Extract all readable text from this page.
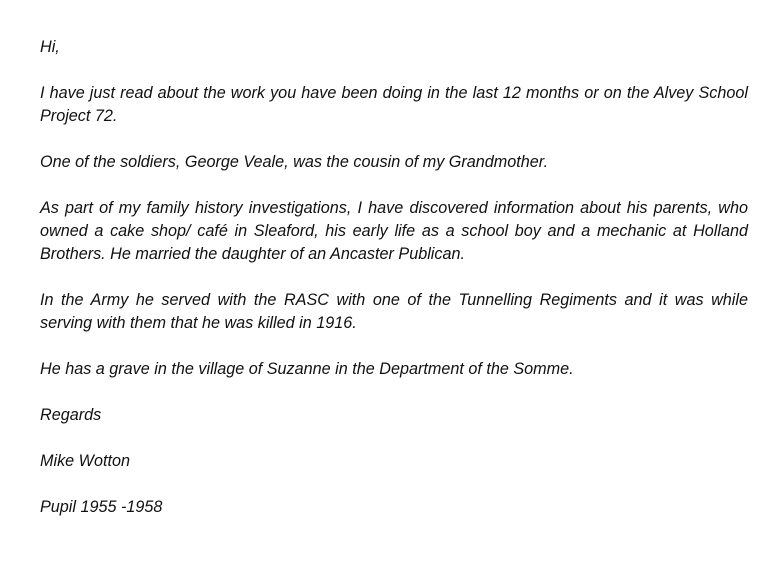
Hi,

I have just read about the work you have been doing in the last 12 months or on the Alvey School Project 72.

One of the soldiers, George Veale, was the cousin of my Grandmother.

As part of my family history investigations, I have discovered information about his parents, who owned a cake shop/ café in Sleaford, his early life as a school boy and a mechanic at Holland Brothers. He married the daughter of an Ancaster Publican.

In the Army he served with the RASC with one of the Tunnelling Regiments and it was while serving with them that he was killed in 1916.

He has a grave in the village of Suzanne in the Department of the Somme.

Regards

Mike Wotton

Pupil 1955 -1958
